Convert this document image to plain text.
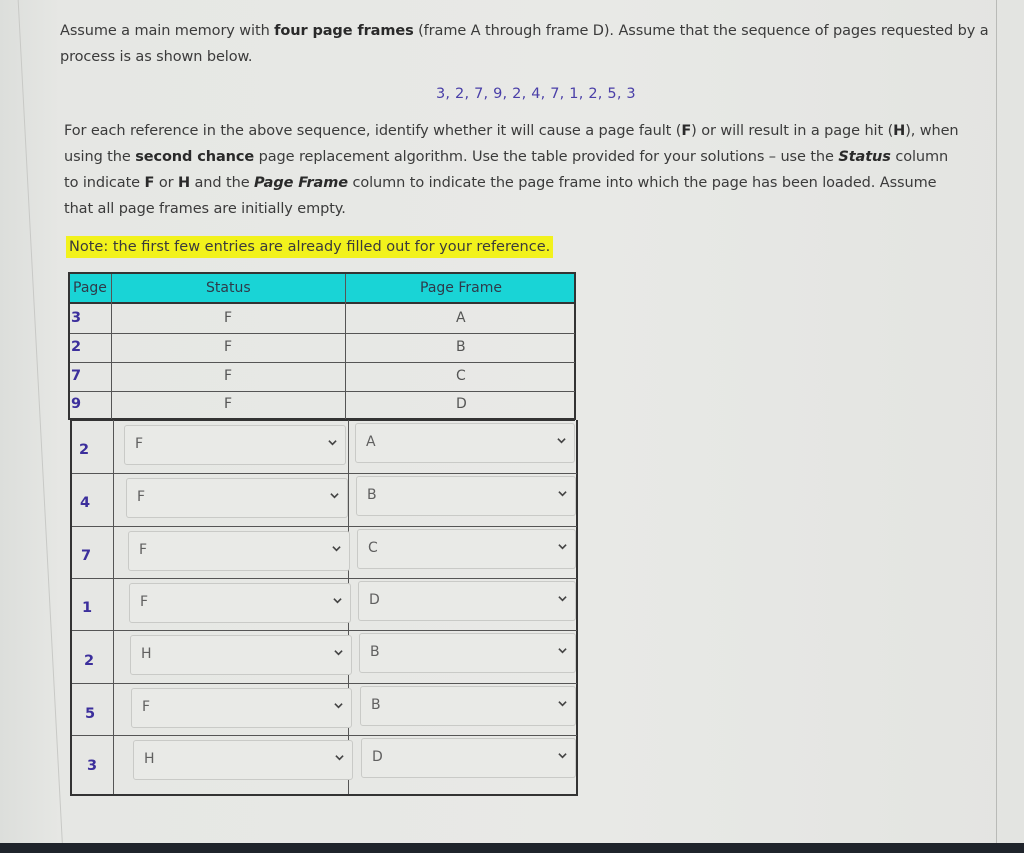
Assume a main memory with four page frames (frame A through frame D). Assume that the sequence of pages requested by a process is as shown below.
3, 2, 7, 9, 2, 4, 7, 1, 2, 5, 3
For each reference in the above sequence, identify whether it will cause a page fault (F) or will result in a page hit (H), when using the second chance page replacement algorithm. Use the table provided for your solutions – use the Status column to indicate F or H and the Page Frame column to indicate the page frame into which the page has been loaded. Assume that all page frames are initially empty.
Note: the first few entries are already filled out for your reference.
Page	Status	Page Frame
3	F	A
2	F	B
7	F	C
9	F	D
2	F	A
4	F	B
7	F	C
1	F	D
2	H	B
5	F	B
3	H	D
